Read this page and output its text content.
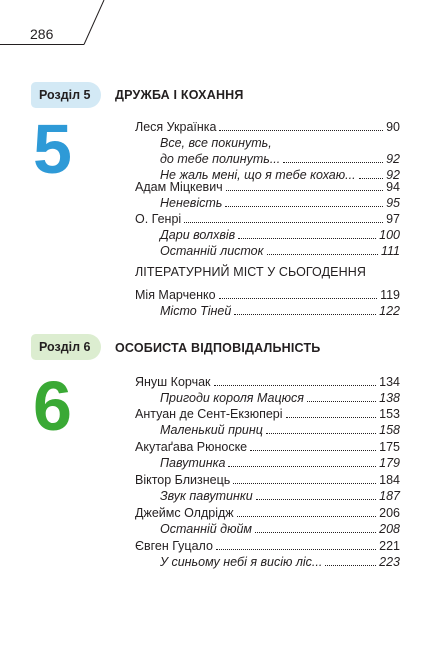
286
Розділ 5
5
ДРУЖБА І КОХАННЯ
Леся Українка	90
Все, все покинуть,
до тебе полинуть...	92
Не жаль мені, що я тебе кохаю... 92
Адам Міцкевич	94
Неневість	95
О. Генрі	97
Дари волхвів	100
Останній листок	111
ЛІТЕРАТУРНИЙ МІСТ У СЬОГОДЕННЯ
Мія Марченко	119
Місто Тіней	122
Розділ 6
6
ОСОБИСТА ВІДПОВІДАЛЬНІСТЬ
Януш Корчак	134
Пригоди короля Мацюся	138
Антуан де Сент-Екзюпері	153
Маленький принц	158
Акутаґава Рюноске	175
Павутинка	179
Віктор Близнець	184
Звук павутинки	187
Джеймс Олдрідж	206
Останній дюйм	208
Євген Гуцало	221
У синьому небі я висію ліс...	223
